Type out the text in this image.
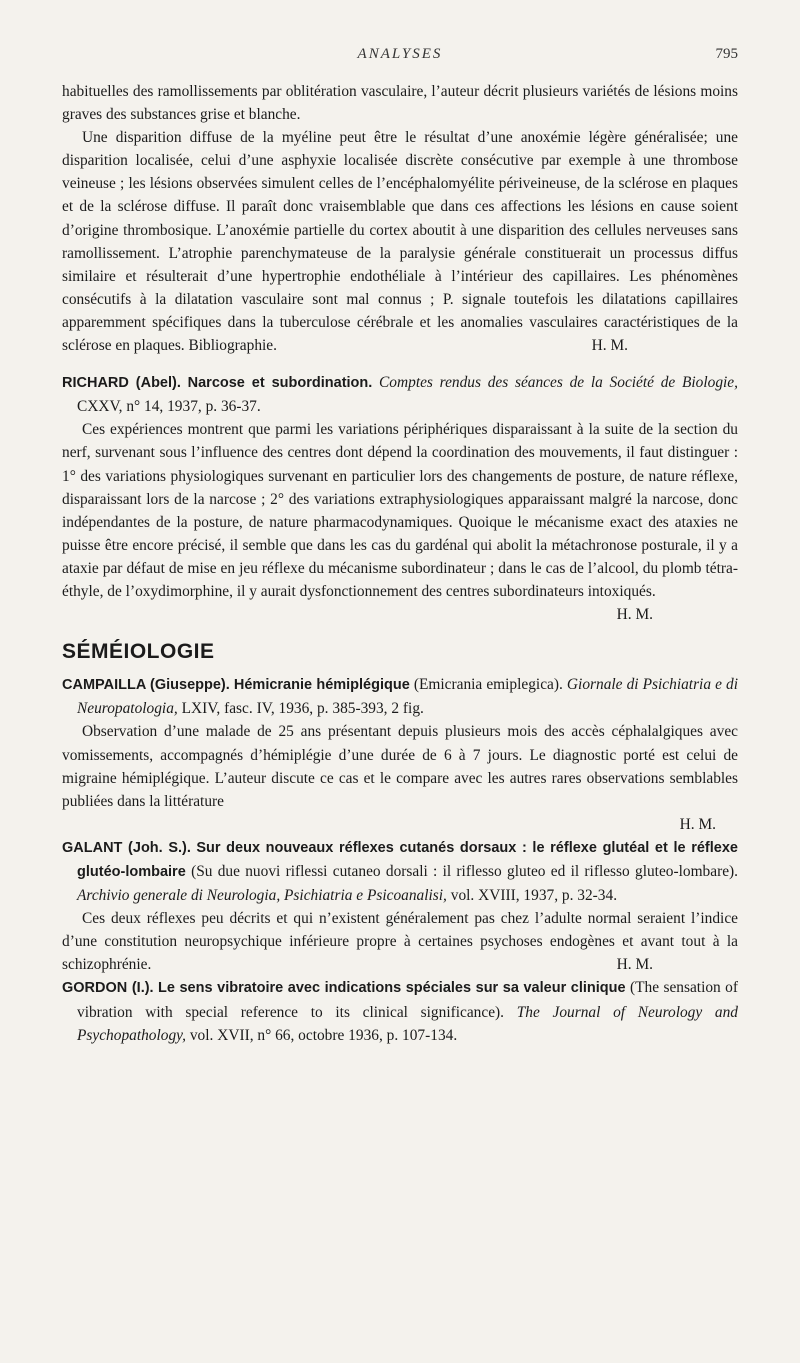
ANALYSES	795

habituelles des ramollissements par oblitération vasculaire, l’auteur décrit plusieurs variétés de lésions moins graves des substances grise et blanche.

Une disparition diffuse de la myéline peut être le résultat d’une anoxémie légère généralisée; une disparition localisée, celui d’une asphyxie localisée discrète consécutive par exemple à une thrombose veineuse ; les lésions observées simulent celles de l’encéphalomyélite périveineuse, de la sclérose en plaques et de la sclérose diffuse. Il paraît donc vraisemblable que dans ces affections les lésions en cause soient d’origine thrombosique. L’anoxémie partielle du cortex aboutit à une disparition des cellules nerveuses sans ramollissement. L’atrophie parenchymateuse de la paralysie générale constituerait un processus diffus similaire et résulterait d’une hypertrophie endothéliale à l’intérieur des capillaires. Les phénomènes consécutifs à la dilatation vasculaire sont mal connus ; P. signale toutefois les dilatations capillaires apparemment spécifiques dans la tuberculose cérébrale et les anomalies vasculaires caractéristiques de la sclérose en plaques. Bibliographie.	H. M.

RICHARD (Abel). Narcose et subordination. Comptes rendus des séances de la Société de Biologie, CXXV, n° 14, 1937, p. 36-37.

Ces expériences montrent que parmi les variations périphériques disparaissant à la suite de la section du nerf, survenant sous l’influence des centres dont dépend la coordination des mouvements, il faut distinguer : 1° des variations physiologiques survenant en particulier lors des changements de posture, de nature réflexe, disparaissant lors de la narcose ; 2° des variations extraphysiologiques apparaissant malgré la narcose, donc indépendantes de la posture, de nature pharmacodynamiques. Quoique le mécanisme exact des ataxies ne puisse être encore précisé, il semble que dans les cas du gardénal qui abolit la métachronose posturale, il y a ataxie par défaut de mise en jeu réflexe du mécanisme subordinateur ; dans le cas de l’alcool, du plomb tétra-éthyle, de l’oxydimorphine, il y aurait dysfonctionnement des centres subordinateurs intoxiqués.

H. M.

SÉMÉIOLOGIE

CAMPAILLA (Giuseppe). Hémicranie hémiplégique (Emicrania emiplegica). Giornale di Psichiatria e di Neuropatologia, LXIV, fasc. IV, 1936, p. 385-393, 2 fig.

Observation d’une malade de 25 ans présentant depuis plusieurs mois des accès céphalalgiques avec vomissements, accompagnés d’hémiplégie d’une durée de 6 à 7 jours. Le diagnostic porté est celui de migraine hémiplégique. L’auteur discute ce cas et le compare avec les autres rares observations semblables publiées dans la littérature

H. M.

GALANT (Joh. S.). Sur deux nouveaux réflexes cutanés dorsaux : le réflexe glutéal et le réflexe glutéo-lombaire (Su due nuovi riflessi cutaneo dorsali : il riflesso gluteo ed il riflesso gluteo-lombare). Archivio generale di Neurologia, Psichiatria e Psicoanalisi, vol. XVIII, 1937, p. 32-34.

Ces deux réflexes peu décrits et qui n’existent généralement pas chez l’adulte normal seraient l’indice d’une constitution neuropsychique inférieure propre à certaines psychoses endogènes et avant tout à la schizophrénie.	H. M.

GORDON (I.). Le sens vibratoire avec indications spéciales sur sa valeur clinique (The sensation of vibration with special reference to its clinical significance). The Journal of Neurology and Psychopathology, vol. XVII, n° 66, octobre 1936, p. 107-134.
